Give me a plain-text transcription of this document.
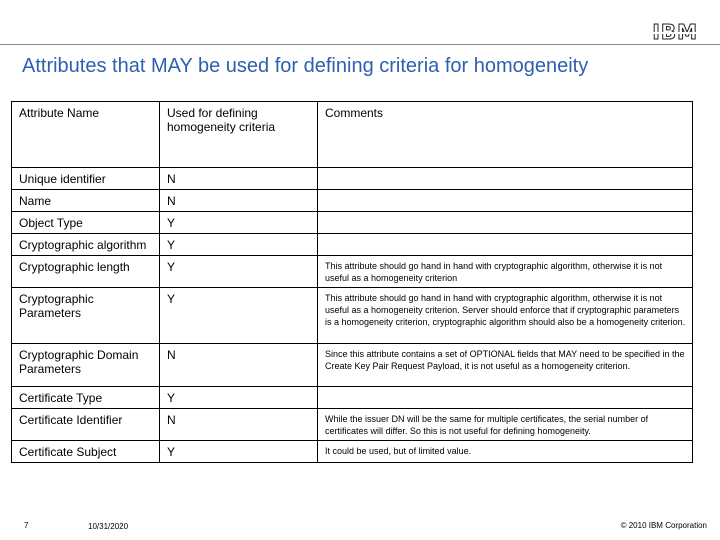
IBM
Attributes that MAY be used for defining criteria for homogeneity
Attribute Name	Used for defining homogeneity criteria	Comments
Unique identifier	N	
Name	N	
Object Type	Y	
Cryptographic algorithm	Y	
Cryptographic length	Y	This attribute should go hand in hand with cryptographic algorithm, otherwise it is not useful as a homogeneity criterion
Cryptographic Parameters	Y	This attribute should go hand in hand with cryptographic algorithm, otherwise it is not useful as a homogeneity criterion. Server should enforce that if cryptographic parameters is a homogeneity criterion, cryptographic algorithm should also be a homogeneity criterion.
Cryptographic Domain Parameters	N	Since this attribute contains a set of OPTIONAL fields that MAY need to be specified in the Create Key Pair Request Payload, it is not useful as a homogeneity criterion.
Certificate Type	Y	
Certificate Identifier	N	While the issuer DN will be the same for multiple certificates, the serial number of certificates will differ. So this is not useful for defining homogeneity.
Certificate Subject	Y	It could be used, but of limited value.
7	10/31/2020	© 2010 IBM Corporation
